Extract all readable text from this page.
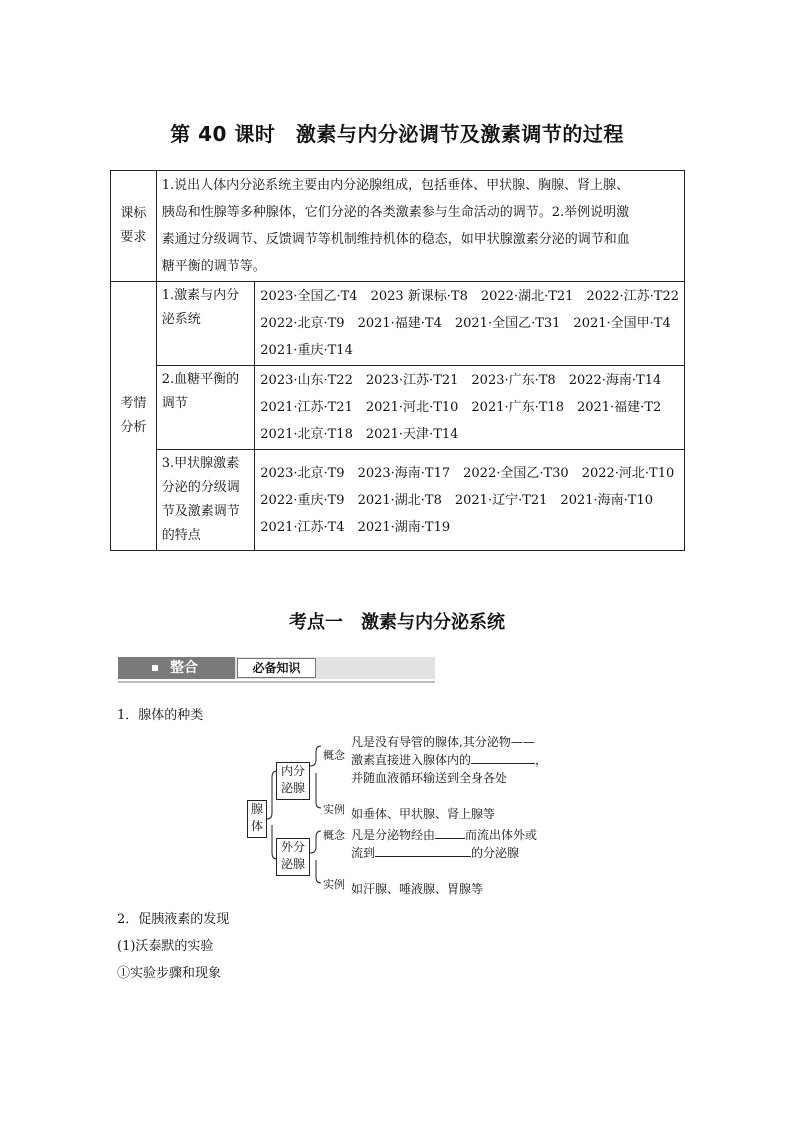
第 40 课时　激素与内分泌调节及激素调节的过程
课标
要求	1.说出人体内分泌系统主要由内分泌腺组成，包括垂体、甲状腺、胸腺、肾上腺、
胰岛和性腺等多种腺体，它们分泌的各类激素参与生命活动的调节。2.举例说明激
素通过分级调节、反馈调节等机制维持机体的稳态，如甲状腺激素分泌的调节和血
糖平衡的调节等。	

考情
分析	1.激素与内分
泌系统	2023·全国乙·T4　2023 新课标·T8　2022·湖北·T21　2022·江苏·T22
2022·北京·T9　2021·福建·T4　2021·全国乙·T31　2021·全国甲·T4
2021·重庆·T14

	2.血糖平衡的
调节	2023·山东·T22　2023·江苏·T21　2023·广东·T8　2022·海南·T14
2021·江苏·T21　2021·河北·T10　2021·广东·T18　2021·福建·T2
2021·北京·T18　2021·天津·T14

	3.甲状腺激素
分泌的分级调
节及激素调节
的特点	2023·北京·T9　2023·海南·T17　2022·全国乙·T30　2022·河北·T10
2022·重庆·T9　2021·湖北·T8　2021·辽宁·T21　2021·海南·T10
2021·江苏·T4　2021·湖南·T19
考点一　激素与内分泌系统
整合	必备知识
1．腺体的种类
腺
体
内分
泌腺
外分
泌腺
概念
实例
概念
实例
凡是没有导管的腺体,其分泌物——
激素直接进入腺体内的	，
并随血液循环输送到全身各处
如垂体、甲状腺、肾上腺等
凡是分泌物经由	而流出体外或
流到	的分泌腺
如汗腺、唾液腺、胃腺等
2．促胰液素的发现
(1)沃泰默的实验
①实验步骤和现象
